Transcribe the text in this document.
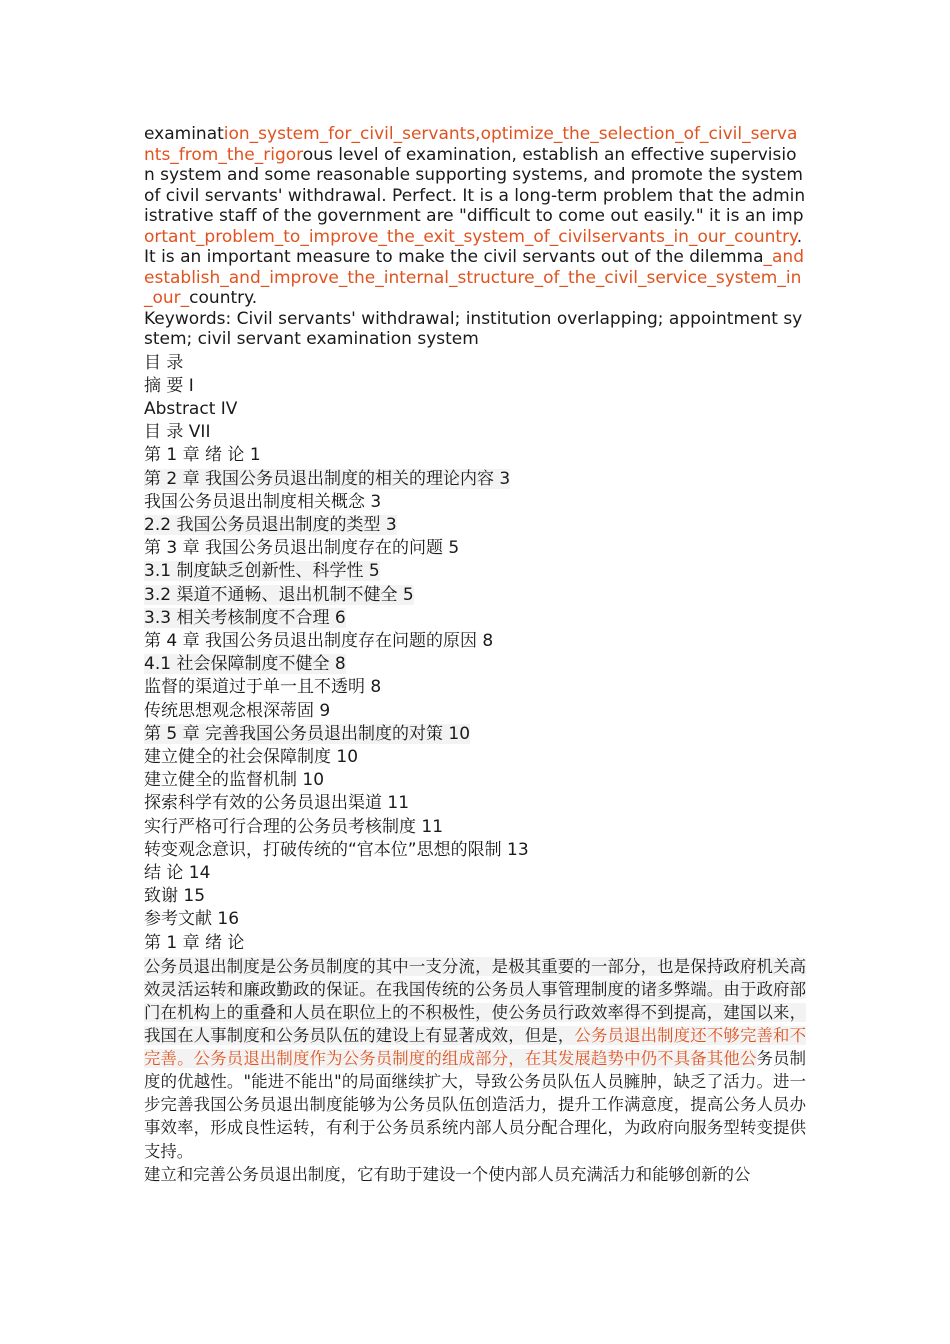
examination_system_for_civil_servants,optimize_the_selection_of_civil_servants_from_the_rigorous level of examination, establish an effective supervision system and some reasonable supporting systems, and promote the system of civil servants' withdrawal. Perfect. It is a long-term problem that the administrative staff of the government are "difficult to come out easily." it is an important_problem_to_improve_the_exit_system_of_civilservants_in_our_country. It is an important measure to make the civil servants out of the dilemma_andestablish_and_improve_the_internal_structure_of_the_civil_service_system_in_our_country.
Keywords: Civil servants' withdrawal; institution overlapping; appointment system; civil servant examination system
目 录
摘 要 I
Abstract IV
目 录 VII
第 1 章 绪 论 1
第 2 章 我国公务员退出制度的相关的理论内容 3
我国公务员退出制度相关概念 3
2.2 我国公务员退出制度的类型 3
第 3 章 我国公务员退出制度存在的问题 5
3.1 制度缺乏创新性、科学性 5
3.2 渠道不通畅、退出机制不健全 5
3.3 相关考核制度不合理 6
第 4 章 我国公务员退出制度存在问题的原因 8
4.1 社会保障制度不健全 8
监督的渠道过于单一且不透明 8
传统思想观念根深蒂固 9
第 5 章 完善我国公务员退出制度的对策 10
建立健全的社会保障制度 10
建立健全的监督机制 10
探索科学有效的公务员退出渠道 11
实行严格可行合理的公务员考核制度 11
转变观念意识，打破传统的“官本位”思想的限制 13
结 论 14
致谢 15
参考文献 16
第 1 章 绪 论
公务员退出制度是公务员制度的其中一支分流，是极其重要的一部分，也是保持政府机关高效灵活运转和廉政勤政的保证。在我国传统的公务员人事管理制度的诸多弊端。由于政府部门在机构上的重叠和人员在职位上的不积极性，使公务员行政效率得不到提高，建国以来，我国在人事制度和公务员队伍的建设上有显著成效，但是，公务员退出制度还不够完善和不完善。公务员退出制度作为公务员制度的组成部分，在其发展趋势中仍不具备其他公务员制度的优越性。"能进不能出"的局面继续扩大，导致公务员队伍人员臃肿，缺乏了活力。进一步完善我国公务员退出制度能够为公务员队伍创造活力，提升工作满意度，提高公务人员办事效率，形成良性运转，有利于公务员系统内部人员分配合理化，为政府向服务型转变提供支持。
建立和完善公务员退出制度，它有助于建设一个使内部人员充满活力和能够创新的公
